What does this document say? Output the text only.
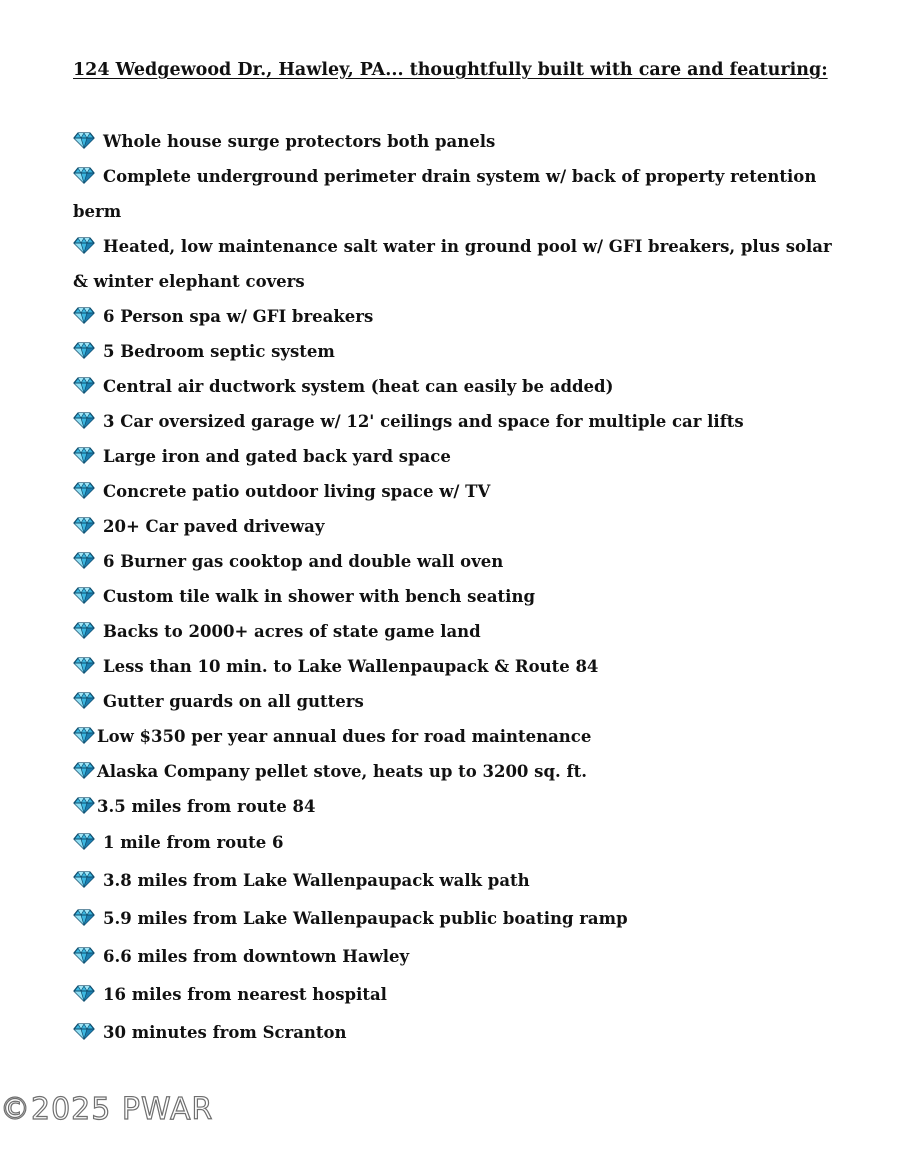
124 Wedgewood Dr., Hawley, PA... thoughtfully built with care and featuring:
Whole house surge protectors both panels
Complete underground perimeter drain system w/ back of property retention berm
Heated, low maintenance salt water in ground pool w/ GFI breakers, plus solar & winter elephant covers
6 Person spa w/ GFI breakers
5 Bedroom septic system
Central air ductwork system (heat can easily be added)
3 Car oversized garage w/ 12' ceilings and space for multiple car lifts
Large iron and gated back yard space
Concrete patio outdoor living space w/ TV
20+ Car paved driveway
6 Burner gas cooktop and double wall oven
Custom tile walk in shower with bench seating
Backs to 2000+ acres of state game land
Less than 10 min. to Lake Wallenpaupack & Route 84
Gutter guards on all gutters
Low $350 per year annual dues for road maintenance
Alaska Company pellet stove, heats up to 3200 sq. ft.
3.5 miles from route 84
1 mile from route 6
3.8 miles from Lake Wallenpaupack walk path
5.9 miles from Lake Wallenpaupack public boating ramp
6.6 miles from downtown Hawley
16 miles from nearest hospital
30 minutes from Scranton
©2025 PWAR
